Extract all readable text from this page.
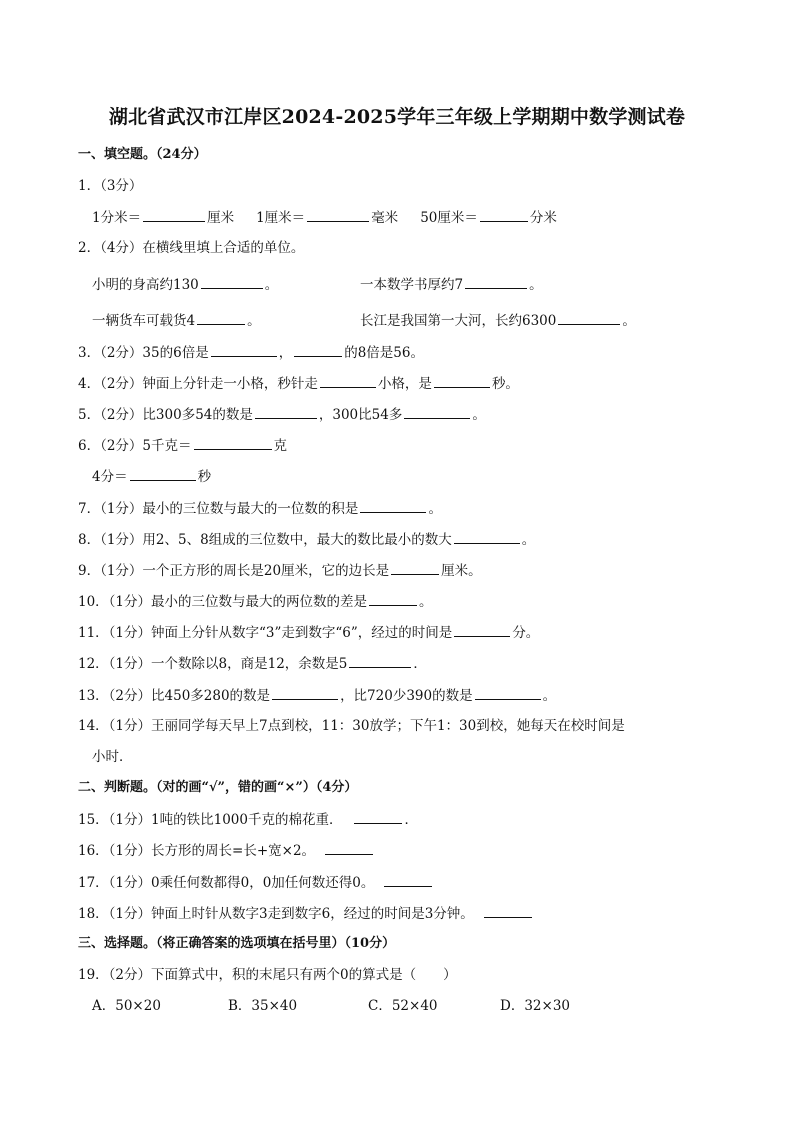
湖北省武汉市江岸区2024-2025学年三年级上学期期中数学测试卷
一、填空题。（24分）
1．（3分）
1分米＝	厘米 1厘米＝	毫米 50厘米＝	分米
2．（4分）在横线里填上合适的单位。
小明的身高约130	。	一本数学书厚约7	。
一辆货车可载货4	。	长江是我国第一大河，长约6300	。
3．（2分）35的6倍是	，	的8倍是56。
4．（2分）钟面上分针走一小格，秒针走	小格，是	秒。
5．（2分）比300多54的数是	，300比54多	。
6．（2分）5千克＝	克
4分＝	秒
7．（1分）最小的三位数与最大的一位数的积是	。
8．（1分）用2、5、8组成的三位数中，最大的数比最小的数大	。
9．（1分）一个正方形的周长是20厘米，它的边长是	厘米。
10．（1分）最小的三位数与最大的两位数的差是	。
11．（1分）钟面上分针从数字“3”走到数字“6”，经过的时间是	分。
12．（1分）一个数除以8，商是12，余数是5	．
13．（2分）比450多280的数是	，比720少390的数是	。
14．（1分）王丽同学每天早上7点到校，11：30放学；下午1：30到校，她每天在校时间是
小时．
二、判断题。（对的画“√”，错的画“×”）（4分）
15．（1分）1吨的铁比1000千克的棉花重．	．
16．（1分）长方形的周长=长+宽×2。
17．（1分）0乘任何数都得0，0加任何数还得0。
18．（1分）钟面上时针从数字3走到数字6，经过的时间是3分钟。
三、选择题。（将正确答案的选项填在括号里）（10分）
19．（2分）下面算式中，积的末尾只有两个0的算式是（　　）
A．50×20	B．35×40	C．52×40	D．32×30
